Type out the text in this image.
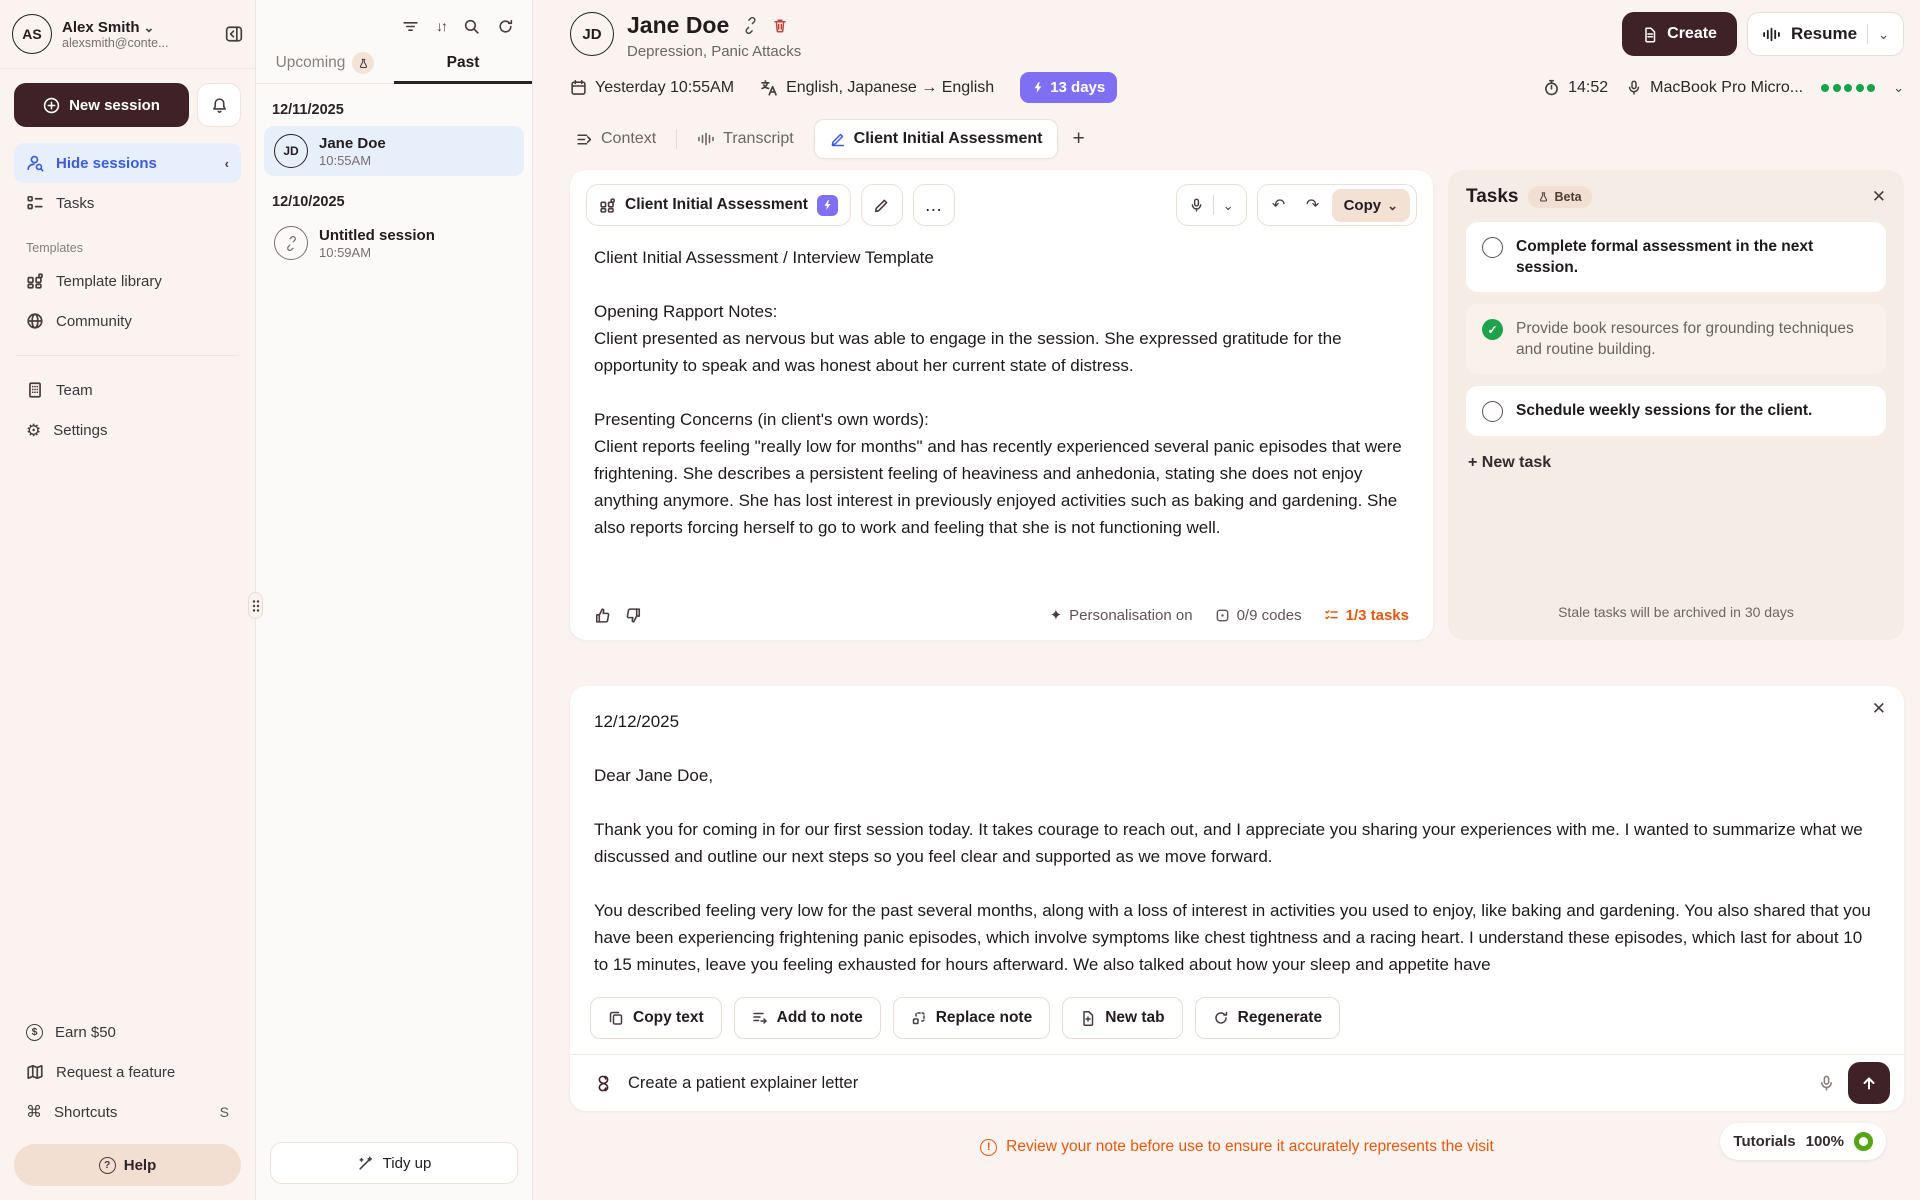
AS Alex Smith ⌄
alexsmith@conte...
New session
Hide sessions	‹
Tasks
Templates
Template library
Community
Team
⚙ Settings
$	Earn $50
Request a feature
⌘ Shortcuts	S
? Help
↓↑
Upcoming	Past
12/11/2025
JD Jane Doe
10:55AM
12/10/2025
Untitled session
10:59AM
Tidy up
JD Jane Doe
Depression, Panic Attacks
Create	Resume ⌄
Yesterday 10:55AM	English, Japanese → English	13 days	14:52	MacBook Pro Micro...	⌄
Context	Transcript	Client Initial Assessment +
Client Initial Assessment	…	⌄	↶	↷	Copy ⌄

Client Initial Assessment / Interview Template

Opening Rapport Notes:

Client presented as nervous but was able to engage in the session. She expressed gratitude for the opportunity to speak and was honest about her current state of distress.

Presenting Concerns (in client's own words):

Client reports feeling "really low for months" and has recently experienced several panic episodes that were frightening. She describes a persistent feeling of heaviness and anhedonia, stating she does not enjoy anything anymore. She has lost interest in previously enjoyed activities such as baking and gardening. She also reports forcing herself to go to work and feeling that she is not functioning well.

✦ Personalisation on	0/9 codes	1/3 tasks
Tasks	Beta	✕
Complete formal assessment in the next session.
✓	Provide book resources for grounding techniques and routine building.
Schedule weekly sessions for the client.
+ New task
Stale tasks will be archived in 30 days
✕

12/12/2025

Dear Jane Doe,

Thank you for coming in for our first session today. It takes courage to reach out, and I appreciate you sharing your experiences with me. I wanted to summarize what we discussed and outline our next steps so you feel clear and supported as we move forward.

You described feeling very low for the past several months, along with a loss of interest in activities you used to enjoy, like baking and gardening. You also shared that you have been experiencing frightening panic episodes, which involve symptoms like chest tightness and a racing heart. I understand these episodes, which last for about 10 to 15 minutes, leave you feeling exhausted for hours afterward. We also talked about how your sleep and appetite have

Copy text	Add to note	Replace note	New tab	Regenerate
Create a patient explainer letter
!	Review your note before use to ensure it accurately represents the visit	Tutorials 100%
